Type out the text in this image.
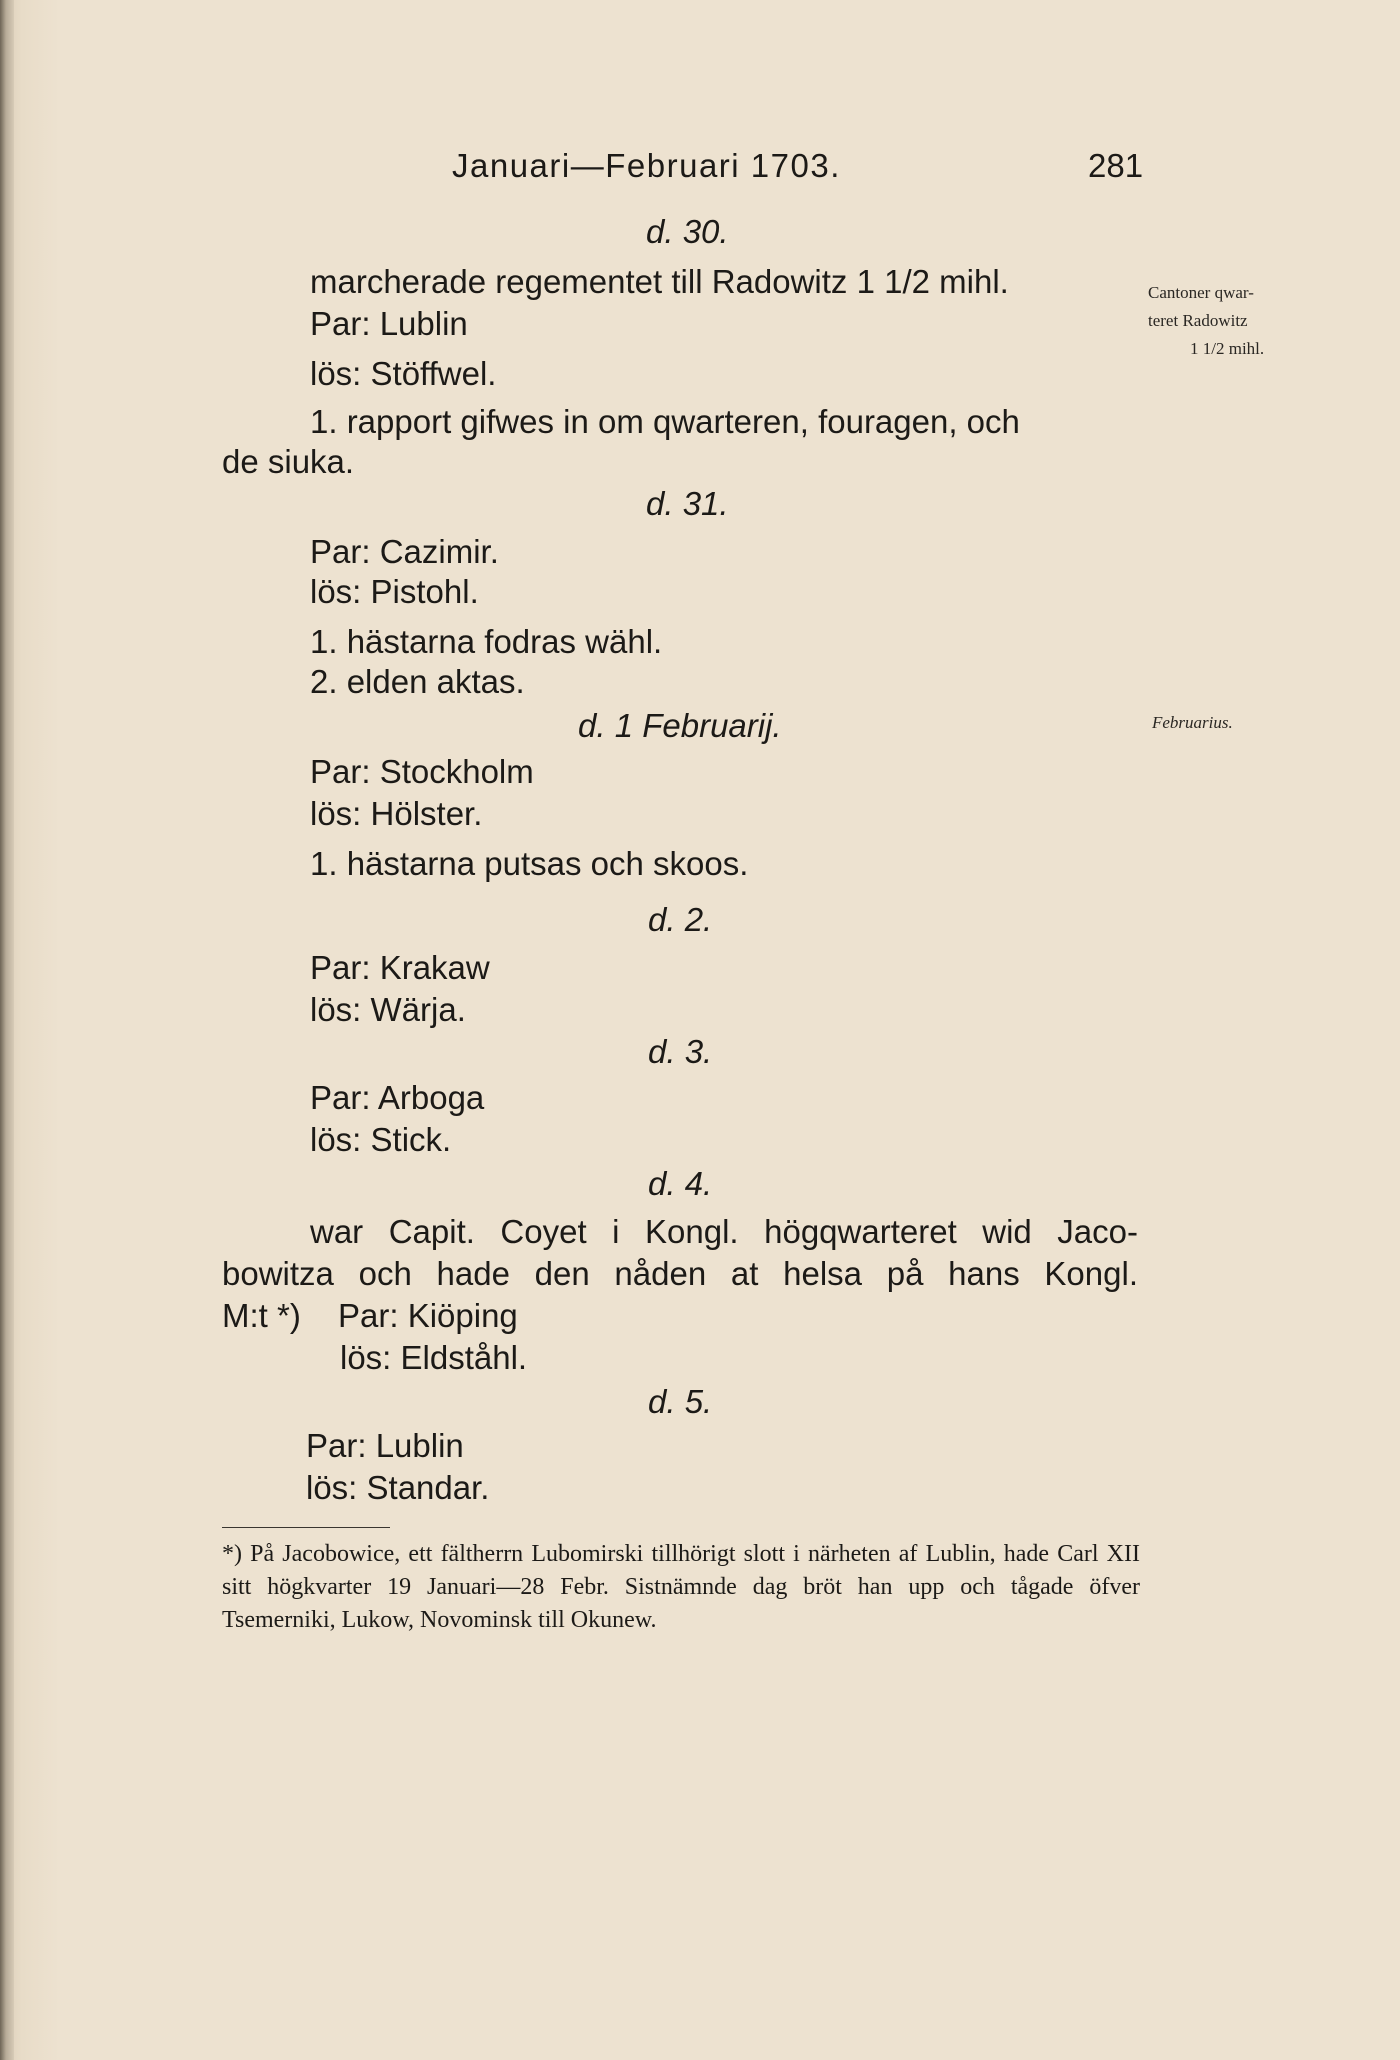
Januari—Februari 1703.	281
d. 30.
marcherade regementet till Radowitz 1 1/2 mihl.
Par: Lublin
lös: Stöffwel.
1. rapport gifwes in om qwarteren, fouragen, och
de siuka.
Cantoner qwar-
teret Radowitz
1 1/2 mihl.
d. 31.
Par: Cazimir.
lös: Pistohl.
1. hästarna fodras wähl.
2. elden aktas.
d. 1 Februarij.	Februarius.
Par: Stockholm
lös: Hölster.
1. hästarna putsas och skoos.
d. 2.
Par: Krakaw
lös: Wärja.
d. 3.
Par: Arboga
lös: Stick.
d. 4.
war Capit. Coyet i Kongl. högqwarteret wid Jaco-
bowitza och hade den nåden at helsa på hans Kongl.
M:t *) Par: Kiöping
lös: Eldståhl.
d. 5.
Par: Lublin
lös: Standar.
*) På Jacobowice, ett fältherrn Lubomirski tillhörigt slott i närheten af Lublin, hade Carl XII sitt högkvarter 19 Januari—28 Febr. Sistnämnde dag bröt han upp och tågade öfver Tsemerniki, Lukow, Novominsk till Okunew.
